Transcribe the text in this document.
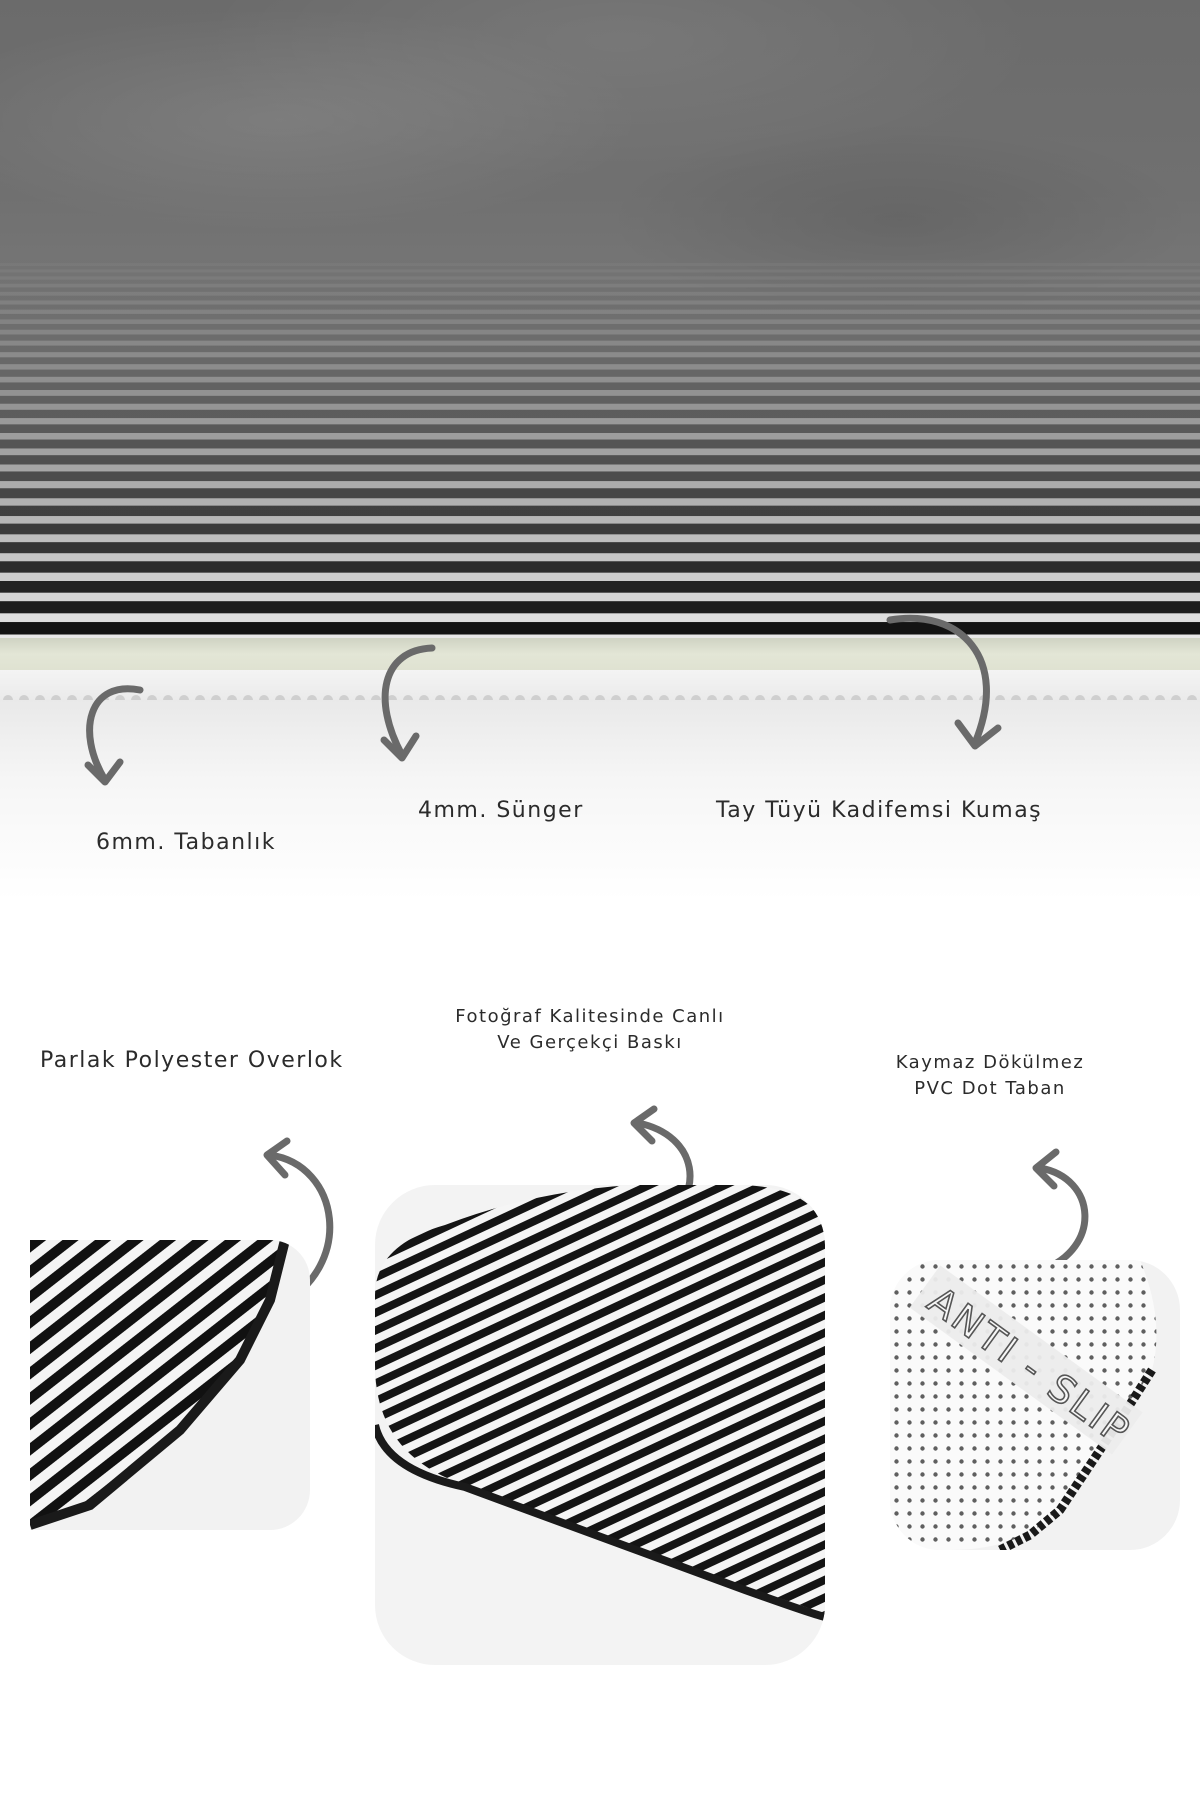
6mm. Tabanlık
4mm. Sünger	Tay Tüyü Kadifemsi Kumaş
Parlak Polyester Overlok
Fotoğraf Kalitesinde Canlı
Ve Gerçekçi Baskı
Kaymaz Dökülmez
PVC Dot Taban
ANTI - SLIP
